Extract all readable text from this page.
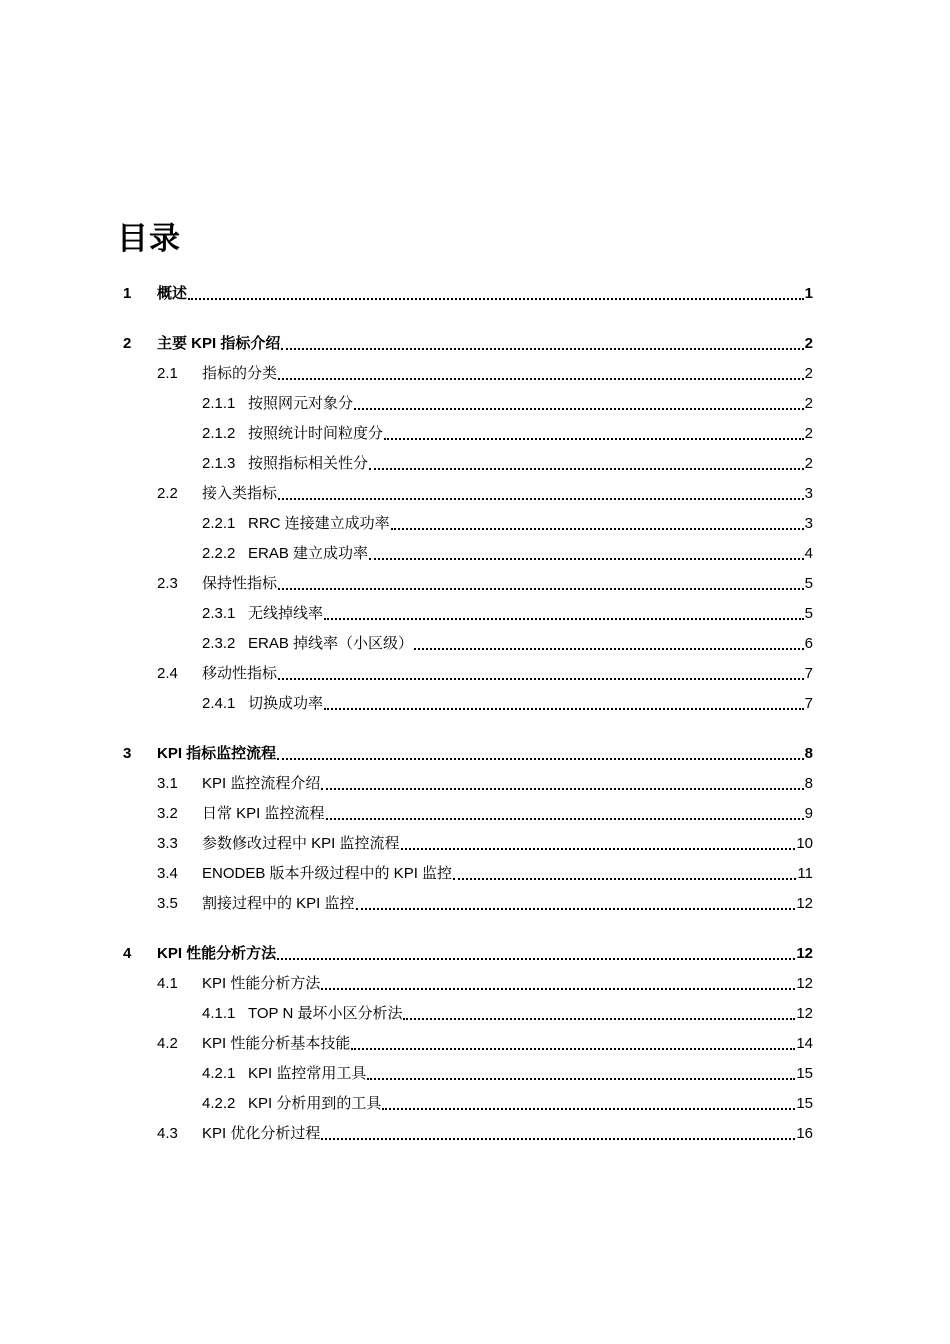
目录
1 概述	1
2 主要 KPI 指标介绍	2
2.1 指标的分类	2
2.1.1 按照网元对象分	2
2.1.2 按照统计时间粒度分	2
2.1.3 按照指标相关性分	2
2.2 接入类指标	3
2.2.1 RRC 连接建立成功率	3
2.2.2 ERAB 建立成功率	4
2.3 保持性指标	5
2.3.1 无线掉线率	5
2.3.2 ERAB 掉线率（小区级）	6
2.4 移动性指标	7
2.4.1 切换成功率	7
3 KPI 指标监控流程	8
3.1 KPI 监控流程介绍	8
3.2 日常 KPI 监控流程	9
3.3 参数修改过程中 KPI 监控流程	10
3.4 ENODEB 版本升级过程中的 KPI 监控	11
3.5 割接过程中的 KPI 监控	12
4 KPI 性能分析方法	12
4.1 KPI 性能分析方法	12
4.1.1 TOP N 最坏小区分析法	12
4.2 KPI 性能分析基本技能	14
4.2.1 KPI 监控常用工具	15
4.2.2 KPI 分析用到的工具	15
4.3 KPI 优化分析过程	16
